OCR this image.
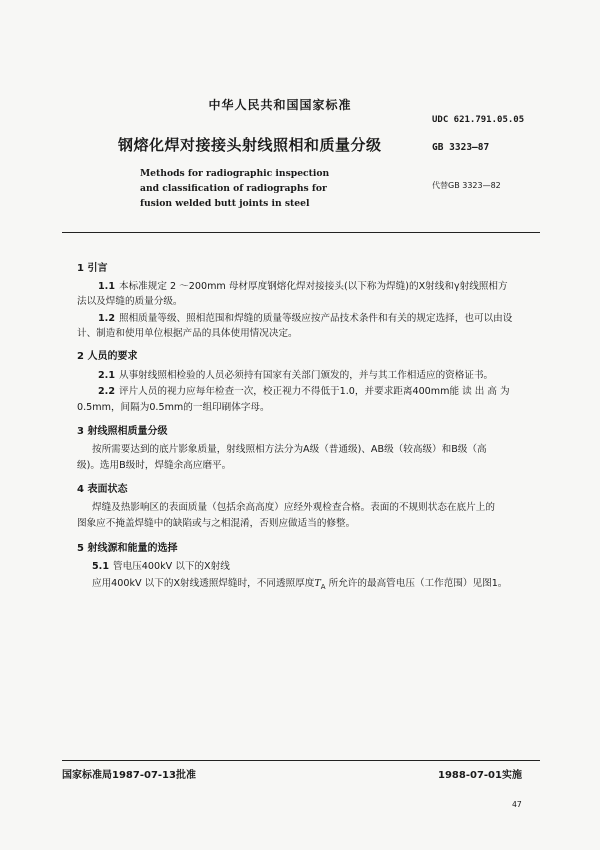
中华人民共和国国家标准
UDC 621.791.05.05
钢熔化焊对接接头射线照相和质量分级	GB 3323—87
Methods for radiographic inspection
and classification of radiographs for
fusion welded butt joints in steel
代替GB 3323—82
1 引言
1.1 本标准规定 2 ～200mm 母材厚度钢熔化焊对接接头(以下称为焊缝)的X射线和γ射线照相方
法以及焊缝的质量分级。
1.2 照相质量等级、照相范围和焊缝的质量等级应按产品技术条件和有关的规定选择，也可以由设
计、制造和使用单位根据产品的具体使用情况决定。
2 人员的要求
2.1 从事射线照相检验的人员必须持有国家有关部门颁发的，并与其工作相适应的资格证书。
2.2 评片人员的视力应每年检查一次，校正视力不得低于1.0，并要求距离400mm能 读 出 高 为
0.5mm，间隔为0.5mm的一组印刷体字母。
3 射线照相质量分级
按所需要达到的底片影象质量，射线照相方法分为A级（普通级)、AB级（较高级）和B级（高
级)。选用B级时，焊缝余高应磨平。
4 表面状态
焊缝及热影响区的表面质量（包括余高高度）应经外观检查合格。表面的不规则状态在底片上的
图象应不掩盖焊缝中的缺陷或与之相混淆，否则应做适当的修整。
5 射线源和能量的选择
5.1 管电压400kV 以下的X射线
应用400kV 以下的X射线透照焊缝时，不同透照厚度$T_A$ 所允许的最高管电压（工作范围）见图1。
国家标准局1987-07-13批准	1988-07-01实施
47
